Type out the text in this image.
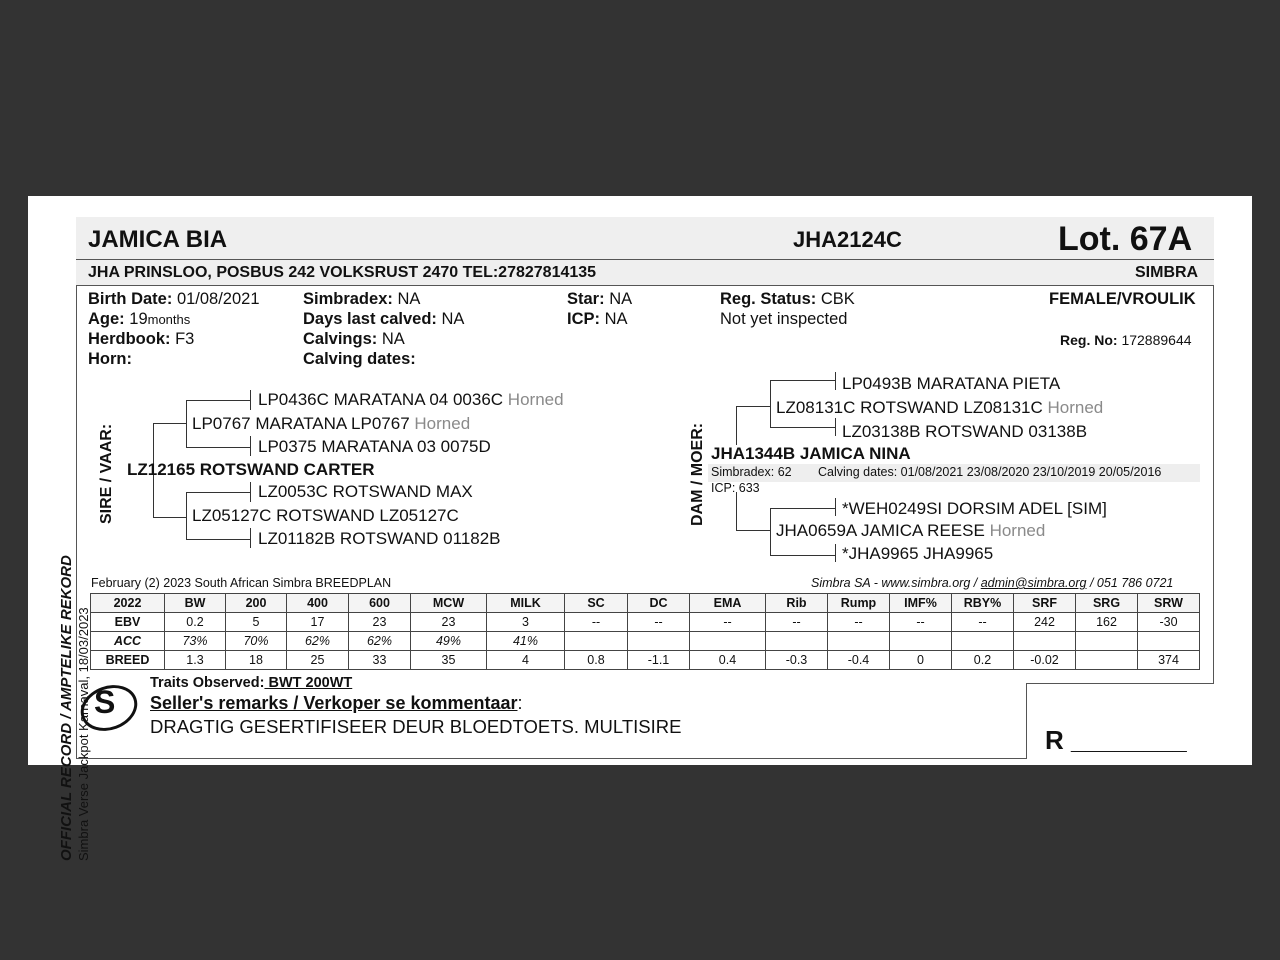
OFFICIAL RECORD / AMPTELIKE REKORD Simbra Verse Jackpot Karnaval, 18/03/2023
JAMICA BIA	JHA2124C	Lot. 67A
JHA PRINSLOO, POSBUS 242 VOLKSRUST 2470 TEL:27827814135	SIMBRA
Birth Date: 01/08/2021
Age: 19months
Herdbook: F3
Horn:
Simbradex: NA
Days last calved: NA
Calvings: NA
Calving dates:
Star: NA
ICP: NA
Reg. Status: CBK
Not yet inspected
FEMALE/VROULIK
Reg. No: 172889644
SIRE / VAAR:
LP0436C MARATANA 04 0036C Horned
LP0767 MARATANA LP0767 Horned
LP0375 MARATANA 03 0075D
LZ12165 ROTSWAND CARTER
LZ0053C ROTSWAND MAX
LZ05127C ROTSWAND LZ05127C
LZ01182B ROTSWAND 01182B
DAM / MOER:
LP0493B MARATANA PIETA
LZ08131C ROTSWAND LZ08131C Horned
LZ03138B ROTSWAND 03138B
JHA1344B JAMICA NINA
Simbradex: 62 Calving dates: 01/08/2021 23/08/2020 23/10/2019 20/05/2016
ICP: 633
*WEH0249SI DORSIM ADEL [SIM]
JHA0659A JAMICA REESE Horned
*JHA9965 JHA9965
February (2) 2023 South African Simbra BREEDPLAN	Simbra SA - www.simbra.org / admin@simbra.org / 051 786 0721
2022	BW	200	400	600	MCW	MILK	SC	DC	EMA	Rib	Rump	IMF%	RBY%	SRF	SRG	SRW
EBV	0.2	5	17	23	23	3	--	--	--	--	--	--	--	242	162	-30
ACC	73%	70%	62%	62%	49%	41%										
BREED	1.3	18	25	33	35	4	0.8	-1.1	0.4	-0.3	-0.4	0	0.2	-0.02		374
S
Traits Observed: BWT 200WT
Seller's remarks / Verkoper se kommentaar:
DRAGTIG GESERTIFISEER DEUR BLOEDTOETS. MULTISIRE	R ________
